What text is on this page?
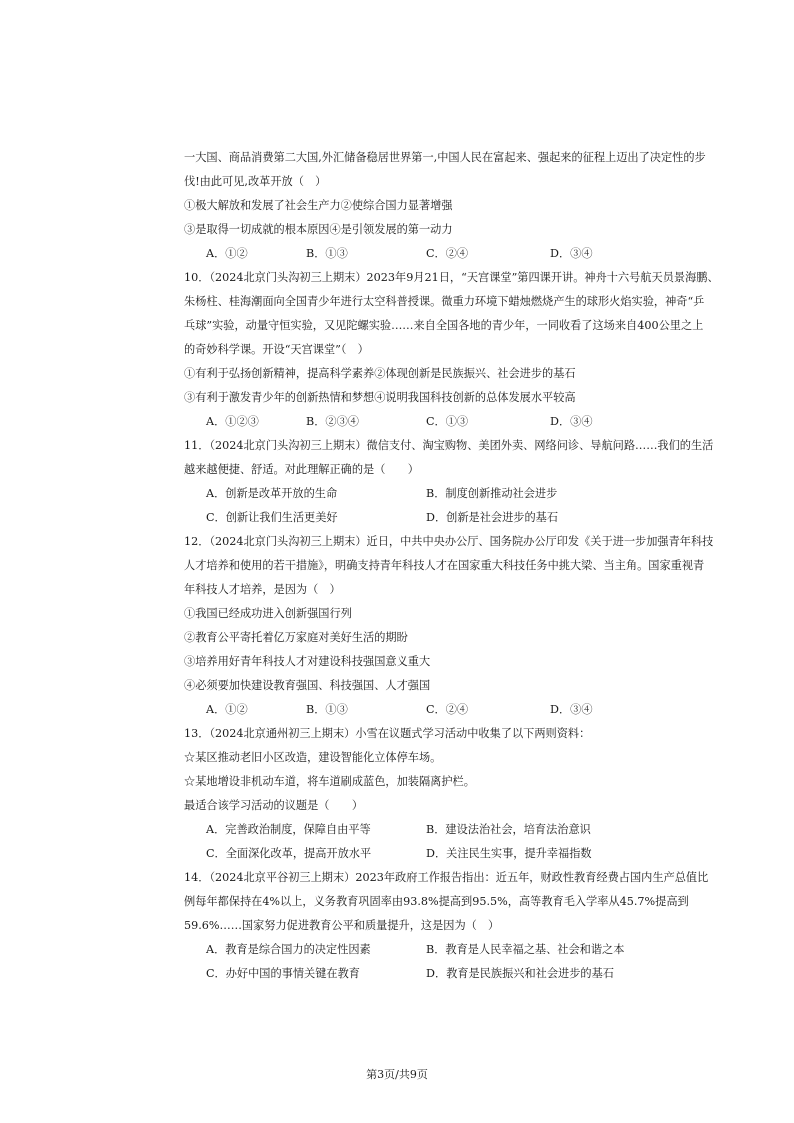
一大国、商品消费第二大国,外汇储备稳居世界第一,中国人民在富起来、强起来的征程上迈出了决定性的步
伐!由此可见,改革开放（　）
①极大解放和发展了社会生产力②使综合国力显著增强
③是取得一切成就的根本原因④是引领发展的第一动力
A．①②	B．①③	C．②④	D．③④
10．（2024北京门头沟初三上期末）2023年9月21日，“天宫课堂”第四课开讲。神舟十六号航天员景海鹏、
朱杨柱、桂海潮面向全国青少年进行太空科普授课。微重力环境下蜡烛燃烧产生的球形火焰实验，神奇“乒
乓球”实验，动量守恒实验，又见陀螺实验……来自全国各地的青少年，一同收看了这场来自400公里之上
的奇妙科学课。开设“天宫课堂”（　）
①有利于弘扬创新精神，提高科学素养②体现创新是民族振兴、社会进步的基石
③有利于激发青少年的创新热情和梦想④说明我国科技创新的总体发展水平较高
A．①②③	B．②③④	C．①③	D．③④
11．（2024北京门头沟初三上期末）微信支付、淘宝购物、美团外卖、网络问诊、导航问路……我们的生活
越来越便捷、舒适。对此理解正确的是（　　）
A．创新是改革开放的生命	B．制度创新推动社会进步
C．创新让我们生活更美好	D．创新是社会进步的基石
12．（2024北京门头沟初三上期末）近日，中共中央办公厅、国务院办公厅印发《关于进一步加强青年科技
人才培养和使用的若干措施》，明确支持青年科技人才在国家重大科技任务中挑大梁、当主角。国家重视青
年科技人才培养，是因为（　）
①我国已经成功进入创新强国行列
②教育公平寄托着亿万家庭对美好生活的期盼
③培养用好青年科技人才对建设科技强国意义重大
④必须要加快建设教育强国、科技强国、人才强国
A．①②	B．①③	C．②④	D．③④
13．（2024北京通州初三上期末）小雪在议题式学习活动中收集了以下两则资料：
☆某区推动老旧小区改造，建设智能化立体停车场。
☆某地增设非机动车道，将车道刷成蓝色，加装隔离护栏。
最适合该学习活动的议题是（　　）
A．完善政治制度，保障自由平等	B．建设法治社会，培育法治意识
C．全面深化改革，提高开放水平	D．关注民生实事，提升幸福指数
14．（2024北京平谷初三上期末）2023年政府工作报告指出：近五年，财政性教育经费占国内生产总值比
例每年都保持在4%以上，义务教育巩固率由93.8%提高到95.5%，高等教育毛入学率从45.7%提高到
59.6%……国家努力促进教育公平和质量提升，这是因为（　）
A．教育是综合国力的决定性因素	B．教育是人民幸福之基、社会和谐之本
C．办好中国的事情关键在教育	D．教育是民族振兴和社会进步的基石
第3页/共9页
